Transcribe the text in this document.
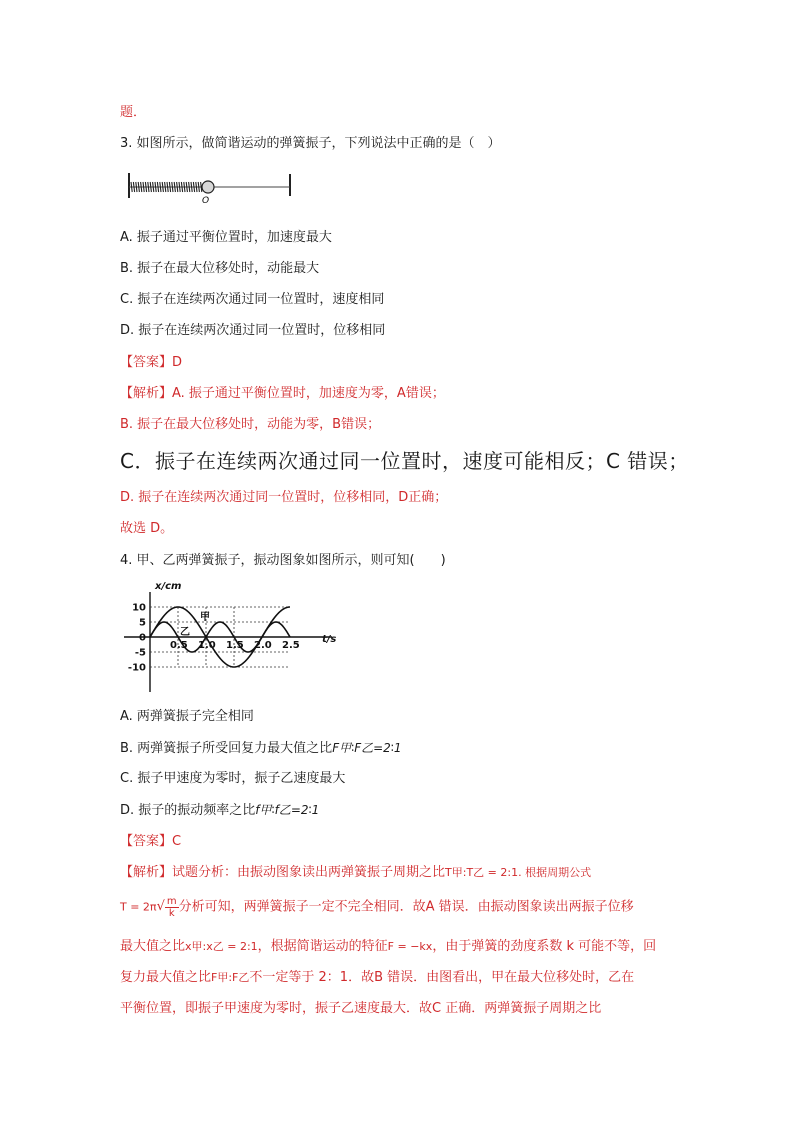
题．
3. 如图所示，做简谐运动的弹簧振子，下列说法中正确的是（　）
O
A. 振子通过平衡位置时，加速度最大
B. 振子在最大位移处时，动能最大
C. 振子在连续两次通过同一位置时，速度相同
D. 振子在连续两次通过同一位置时，位移相同
【答案】D
【解析】A. 振子通过平衡位置时，加速度为零，A错误；
B. 振子在最大位移处时，动能为零，B错误；
C．振子在连续两次通过同一位置时，速度可能相反；C 错误；
D. 振子在连续两次通过同一位置时，位移相同，D正确；
故选 D。
4. 甲、乙两弹簧振子，振动图象如图所示，则可知(　　)
x/cm
t/s
10
5
0
-5
-10
0.5 1.0 1.5 2.0 2.5
甲
乙
A. 两弹簧振子完全相同
B. 两弹簧振子所受回复力最大值之比F甲∶F乙=2∶1
C. 振子甲速度为零时，振子乙速度最大
D. 振子的振动频率之比f甲∶f乙=2∶1
【答案】C
【解析】试题分析：由振动图象读出两弹簧振子周期之比T甲:T乙 = 2:1. 根据周期公式
$T = 2\pi√ \frac{m}{k}$ 分析可知，两弹簧振子一定不完全相同．故A 错误．由振动图象读出两振子位移
最大值之比x甲:x乙 = 2:1，根据简谐运动的特征F = −kx，由于弹簧的劲度系数 k 可能不等，回
复力最大值之比F甲:F乙不一定等于 2：1．故B 错误．由图看出，甲在最大位移处时，乙在
平衡位置，即振子甲速度为零时，振子乙速度最大．故C 正确．两弹簧振子周期之比
